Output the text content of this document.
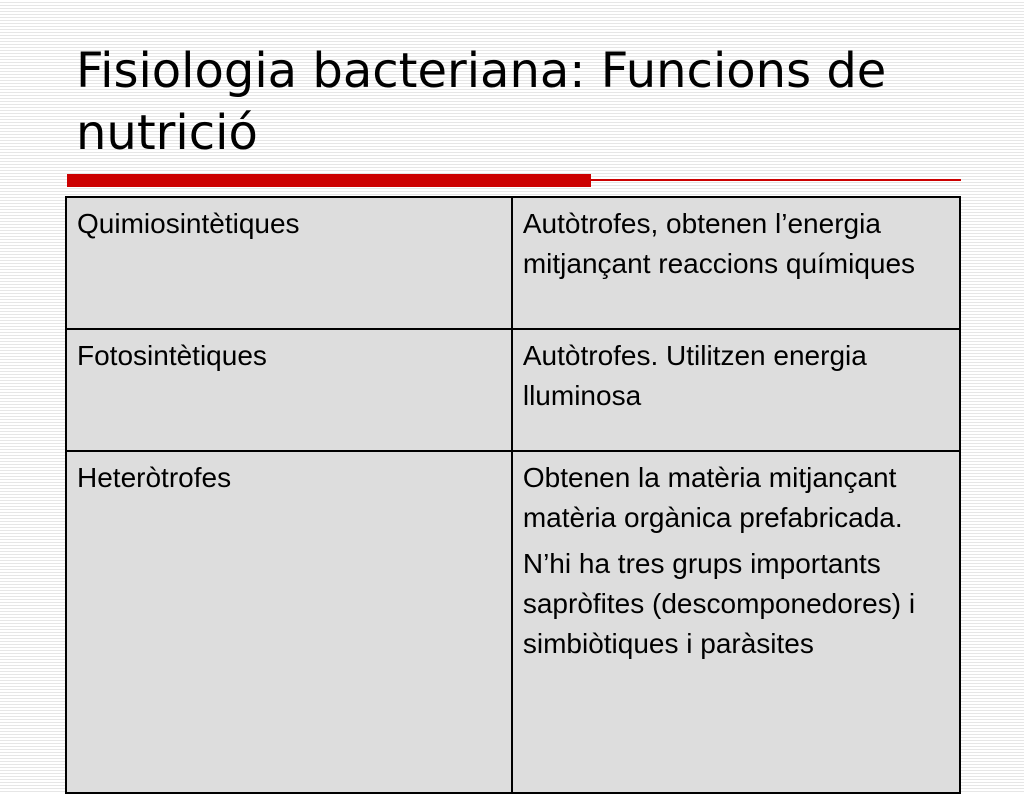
Fisiologia bacteriana: Funcions de nutrició
Quimiosintètiques	Autòtrofes, obtenen l’energia mitjançant reaccions químiques

Fotosintètiques	Autòtrofes. Utilitzen energia lluminosa

Heteròtrofes	Obtenen la matèria mitjançant matèria orgànica prefabricada.

N’hi ha tres grups importants sapròfites (descomponedores) i simbiòtiques i paràsites
